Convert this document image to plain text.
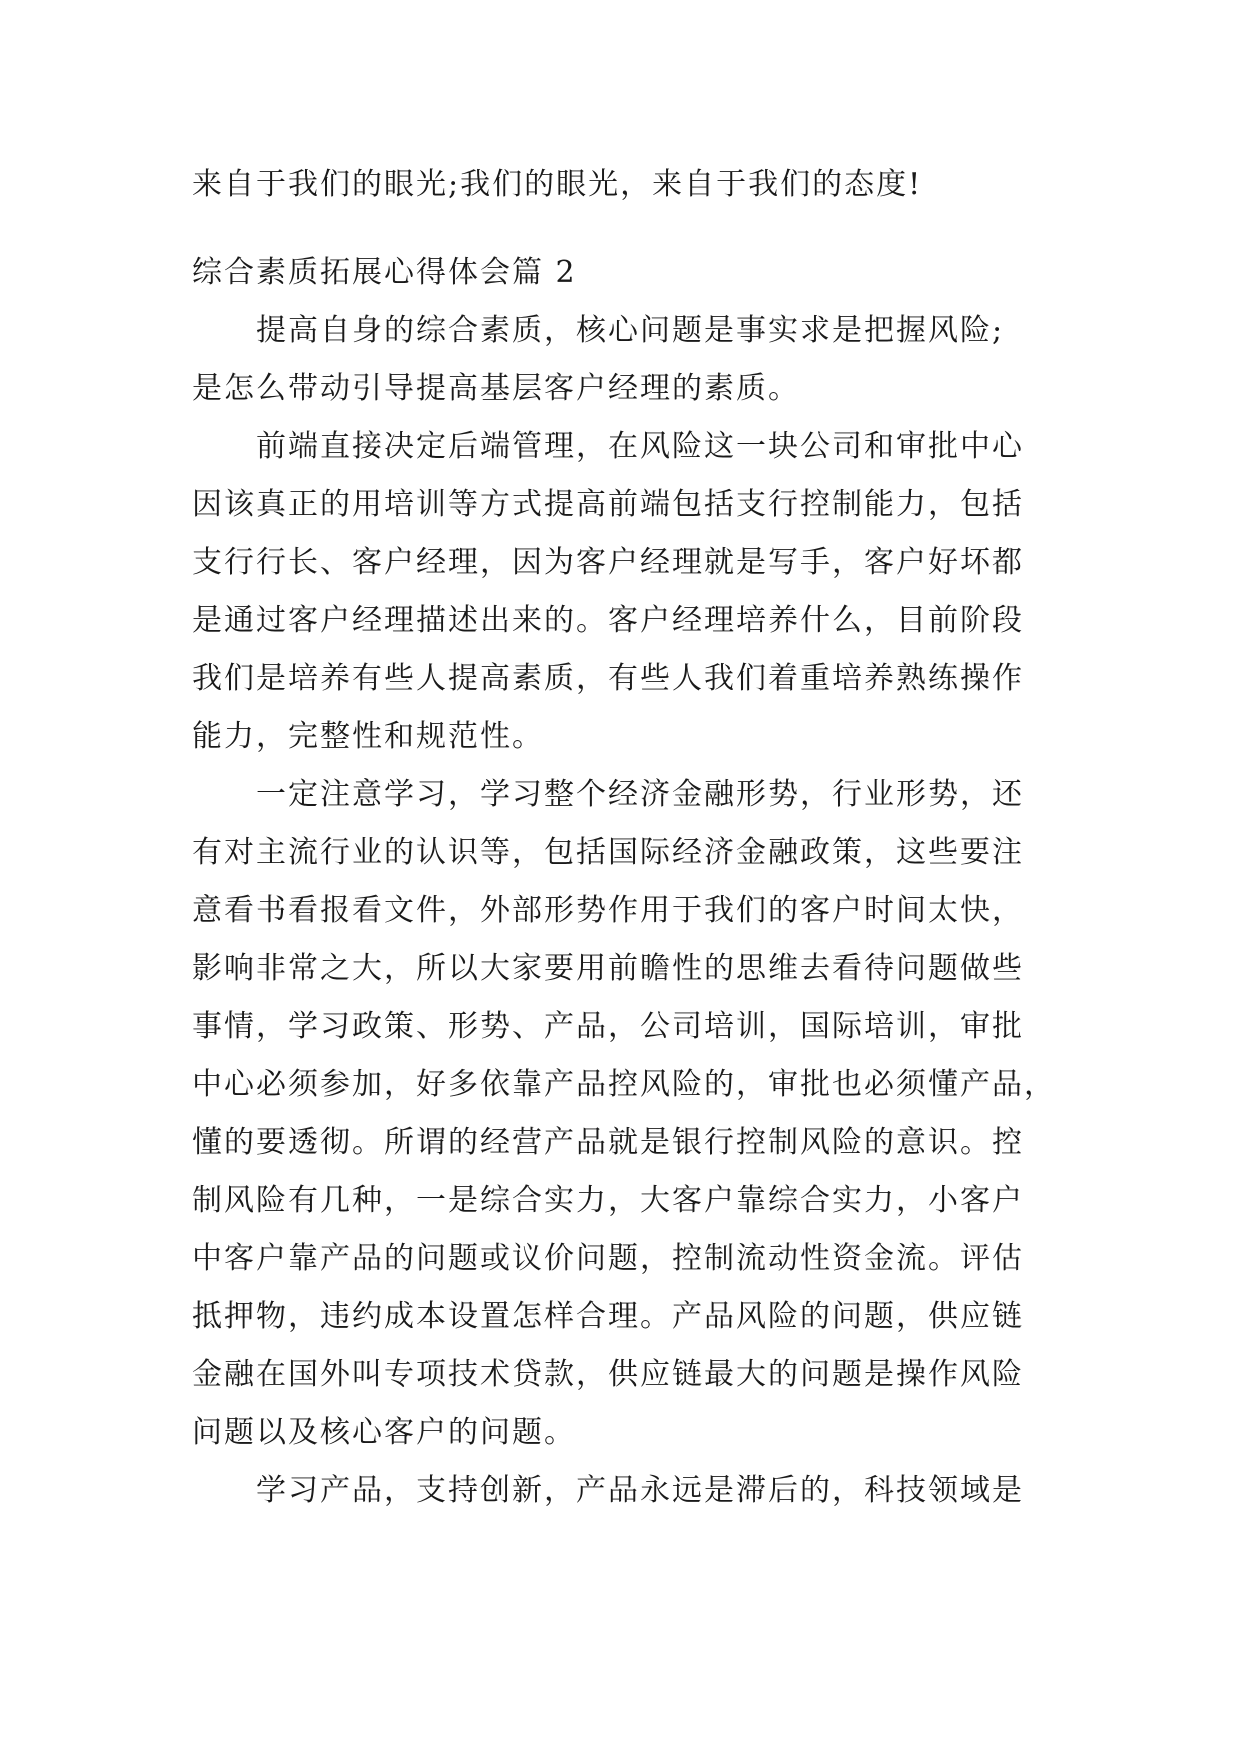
来自于我们的眼光;我们的眼光，来自于我们的态度!
综合素质拓展心得体会篇 2
提高自身的综合素质，核心问题是事实求是把握风险;
是怎么带动引导提高基层客户经理的素质。
前端直接决定后端管理，在风险这一块公司和审批中心
因该真正的用培训等方式提高前端包括支行控制能力，包括
支行行长、客户经理，因为客户经理就是写手，客户好坏都
是通过客户经理描述出来的。客户经理培养什么，目前阶段
我们是培养有些人提高素质，有些人我们着重培养熟练操作
能力，完整性和规范性。
一定注意学习，学习整个经济金融形势，行业形势，还
有对主流行业的认识等，包括国际经济金融政策，这些要注
意看书看报看文件，外部形势作用于我们的客户时间太快，
影响非常之大，所以大家要用前瞻性的思维去看待问题做些
事情，学习政策、形势、产品，公司培训，国际培训，审批
中心必须参加，好多依靠产品控风险的，审批也必须懂产品，
懂的要透彻。所谓的经营产品就是银行控制风险的意识。控
制风险有几种，一是综合实力，大客户靠综合实力，小客户
中客户靠产品的问题或议价问题，控制流动性资金流。评估
抵押物，违约成本设置怎样合理。产品风险的问题，供应链
金融在国外叫专项技术贷款，供应链最大的问题是操作风险
问题以及核心客户的问题。
学习产品，支持创新，产品永远是滞后的，科技领域是
